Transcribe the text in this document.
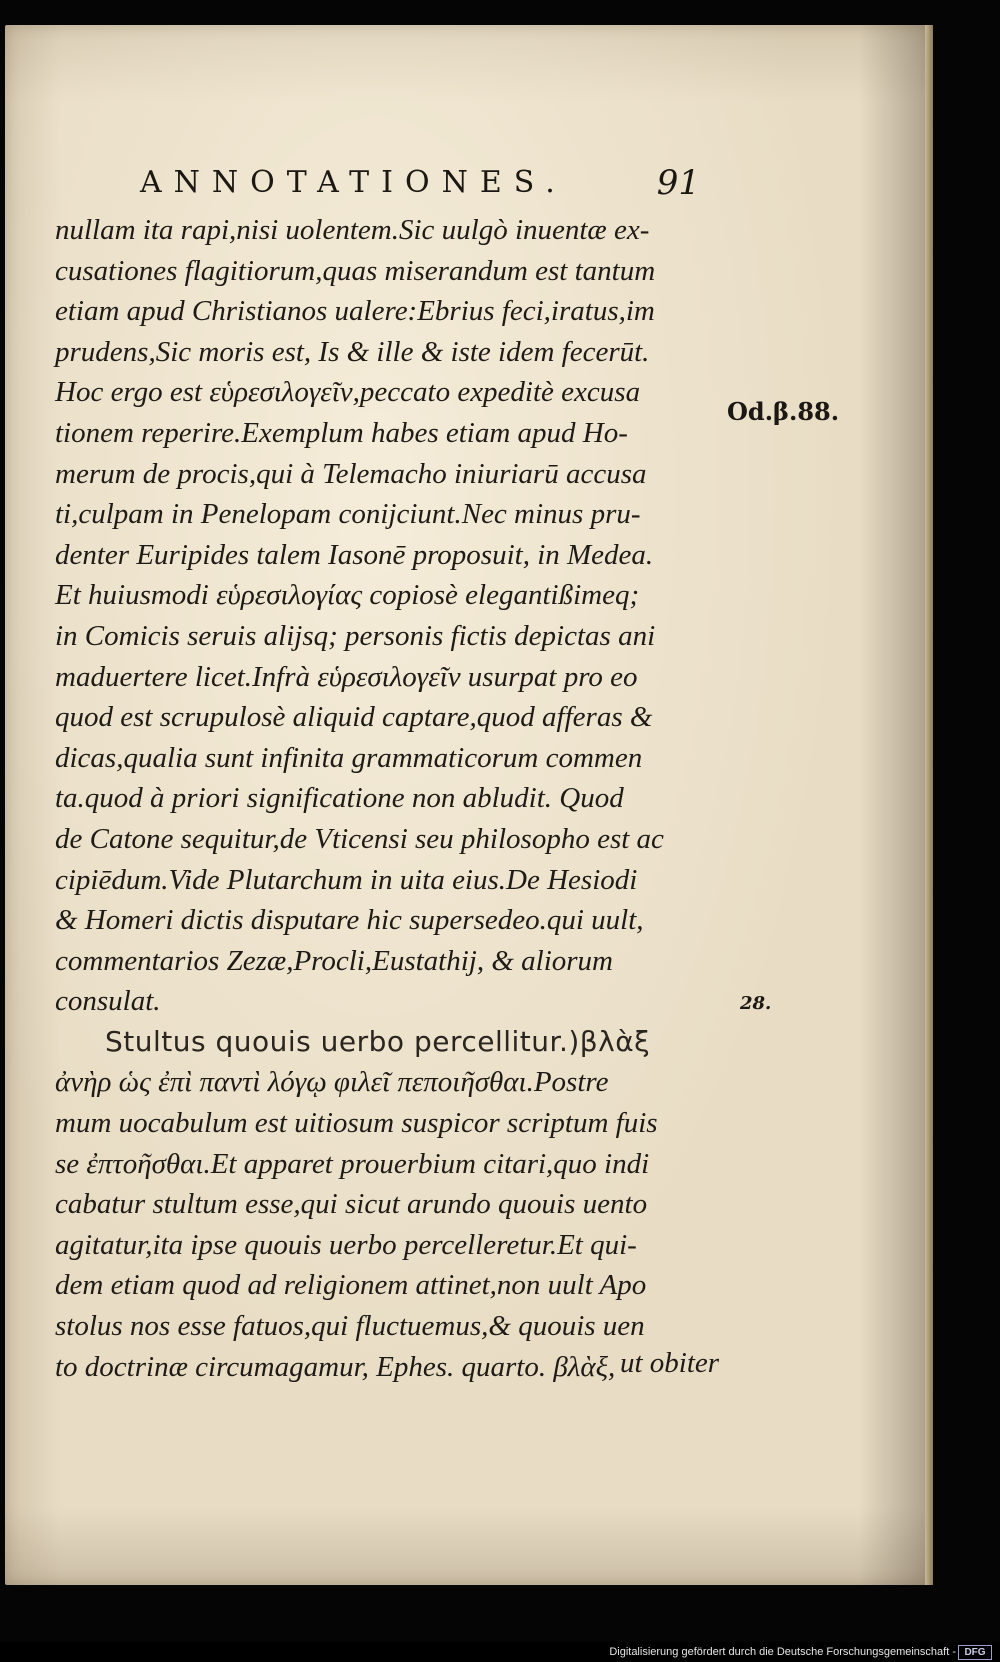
ANNOTATIONES.	91
nullam ita rapi,nisi uolentem.Sic uulgò inuentæ ex-
cusationes flagitiorum,quas miserandum est tantum
etiam apud Christianos ualere:Ebrius feci,iratus,im
prudens,Sic moris est, Is & ille & iste idem fecerūt.
Hoc ergo est εὑρεσιλογεῖν,peccato expeditè excusa
tionem reperire.Exemplum habes etiam apud Ho-
merum de procis,qui à Telemacho iniuriarū accusa
ti,culpam in Penelopam conijciunt.Nec minus pru-
denter Euripides talem Iasonē proposuit, in Medea.
Et huiusmodi εὑρεσιλογίας copiosè elegantißimeq;
in Comicis seruis alijsq; personis fictis depictas ani
maduertere licet.Infrà εὑρεσιλογεῖν usurpat pro eo
quod est scrupulosè aliquid captare,quod afferas &
dicas,qualia sunt infinita grammaticorum commen
ta.quod à priori significatione non abludit. Quod
de Catone sequitur,de Vticensi seu philosopho est ac
cipiēdum.Vide Plutarchum in uita eius.De Hesiodi
& Homeri dictis disputare hic supersedeo.qui uult,
commentarios Zezæ,Procli,Eustathij, & aliorum
consulat.
Stultus quouis uerbo percellitur.)βλὰξ
ἀνὴρ ὡς ἐπὶ παντὶ λόγῳ φιλεῖ πεποιῆσθαι.Postre
mum uocabulum est uitiosum suspicor scriptum fuis
se ἐπτοῆσθαι.Et apparet prouerbium citari,quo indi
cabatur stultum esse,qui sicut arundo quouis uento
agitatur,ita ipse quouis uerbo percelleretur.Et qui-
dem etiam quod ad religionem attinet,non uult Apo
stolus nos esse fatuos,qui fluctuemus,& quouis uen
to doctrinæ circumagamur, Ephes. quarto. βλὰξ,
Od.β.88.
28.
ut obiter
Digitalisierung gefördert durch die Deutsche Forschungsgemeinschaft - DFG
